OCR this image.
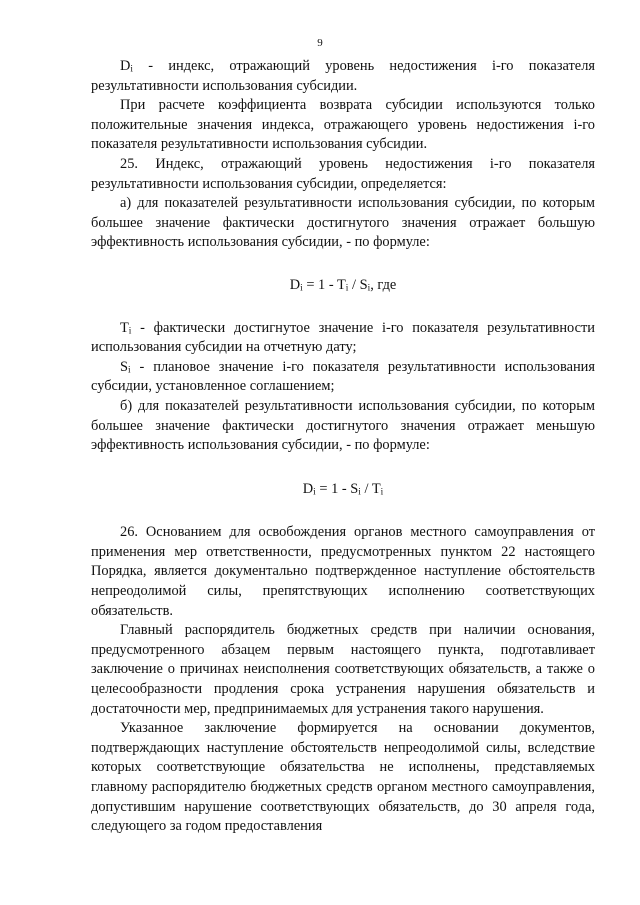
9

$D_i$ - индекс, отражающий уровень недостижения i-го показателя результативности использования субсидии.

При расчете коэффициента возврата субсидии используются только положительные значения индекса, отражающего уровень недостижения i-го показателя результативности использования субсидии.

25. Индекс, отражающий уровень недостижения i-го показателя результативности использования субсидии, определяется:

а) для показателей результативности использования субсидии, по которым большее значение фактически достигнутого значения отражает большую эффективность использования субсидии, - по формуле:

$D_i = 1 - T_i / S_i$, где

$T_i$ - фактически достигнутое значение i-го показателя результативности использования субсидии на отчетную дату;

$S_i$ - плановое значение i-го показателя результативности использования субсидии, установленное соглашением;

б) для показателей результативности использования субсидии, по которым большее значение фактически достигнутого значения отражает меньшую эффективность использования субсидии, - по формуле:

$D_i = 1 - S_i / T_i$

26. Основанием для освобождения органов местного самоуправления от применения мер ответственности, предусмотренных пунктом 22 настоящего Порядка, является документально подтвержденное наступление обстоятельств непреодолимой силы, препятствующих исполнению соответствующих обязательств.

Главный распорядитель бюджетных средств при наличии основания, предусмотренного абзацем первым настоящего пункта, подготавливает заключение о причинах неисполнения соответствующих обязательств, а также о целесообразности продления срока устранения нарушения обязательств и достаточности мер, предпринимаемых для устранения такого нарушения.

Указанное заключение формируется на основании документов, подтверждающих наступление обстоятельств непреодолимой силы, вследствие которых соответствующие обязательства не исполнены, представляемых главному распорядителю бюджетных средств органом местного самоуправления, допустившим нарушение соответствующих обязательств, до 30 апреля года, следующего за годом предоставления
